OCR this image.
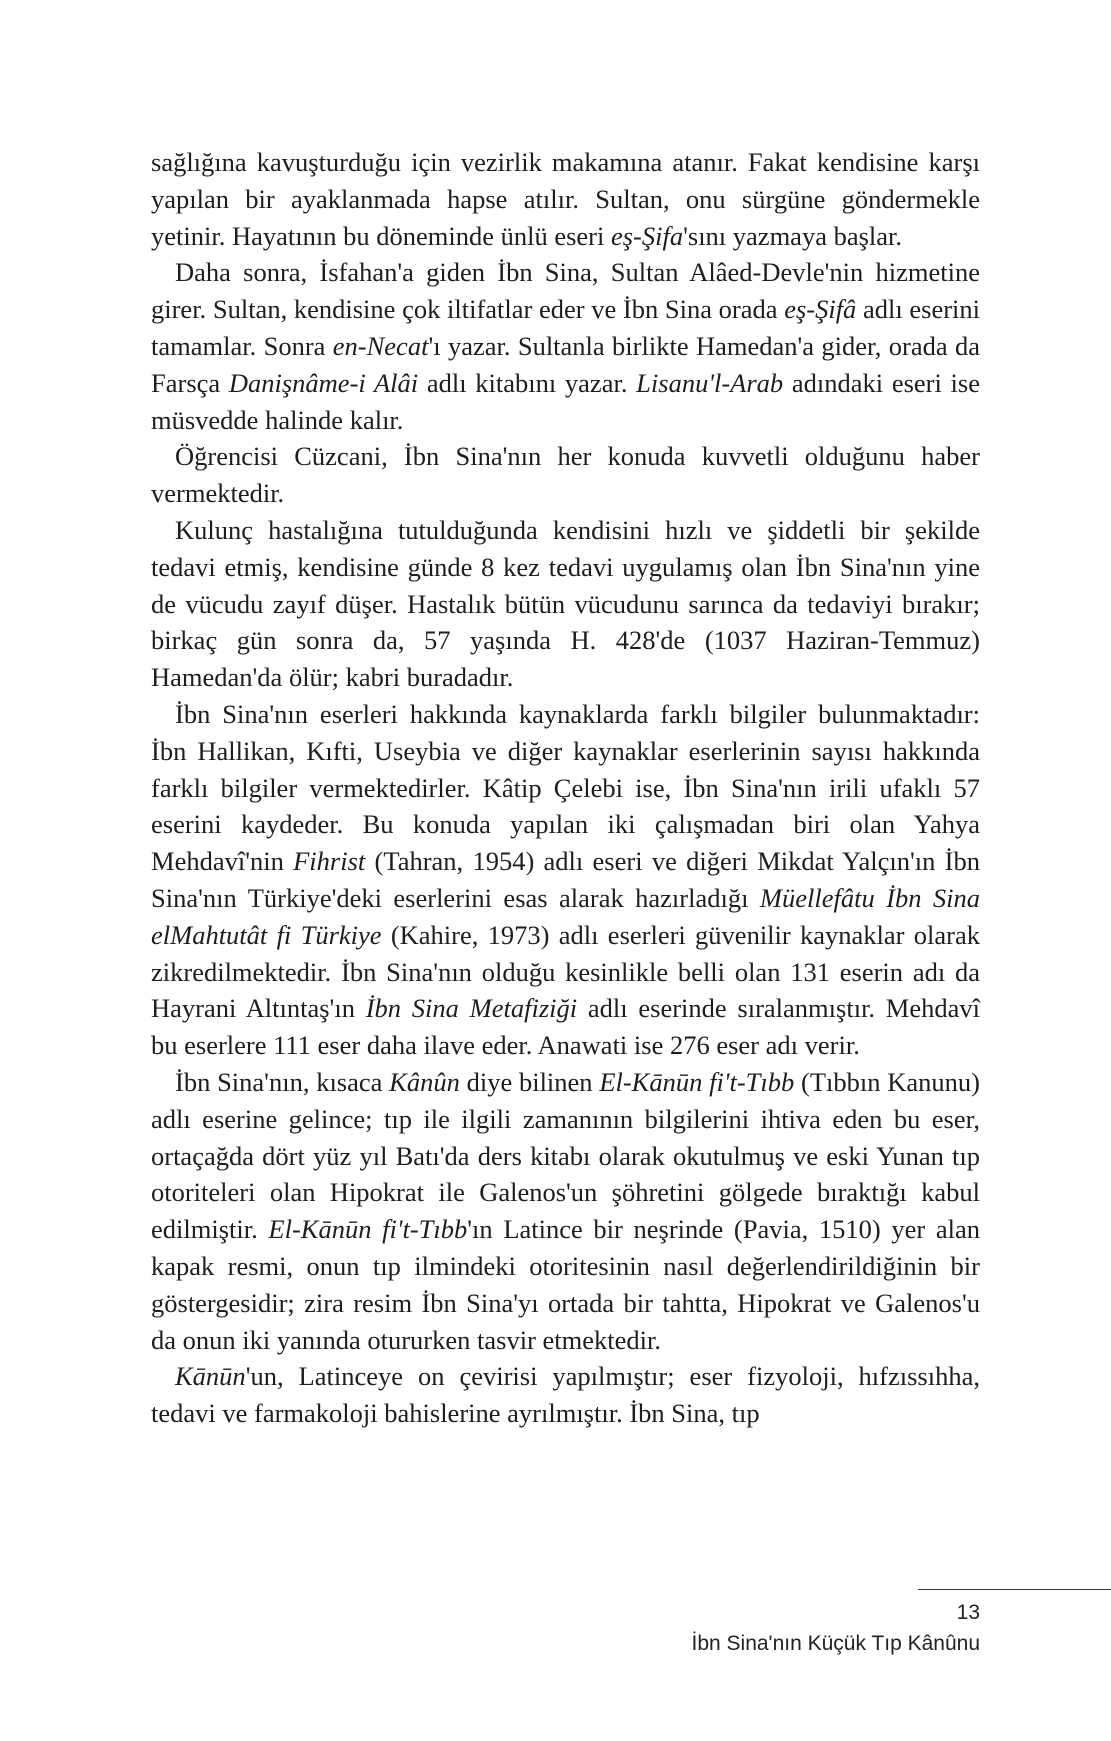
sağlığına kavuşturduğu için vezirlik makamına atanır. Fakat kendisine karşı yapılan bir ayaklanmada hapse atılır. Sultan, onu sürgüne göndermekle yetinir. Hayatının bu döneminde ünlü eseri eş-Şifa'sını yazmaya başlar.

Daha sonra, İsfahan'a giden İbn Sina, Sultan Alâed-Devle'nin hizmetine girer. Sultan, kendisine çok iltifatlar eder ve İbn Sina orada eş-Şifâ adlı eserini tamamlar. Sonra en-Necat'ı yazar. Sultanla birlikte Hamedan'a gider, orada da Farsça Danişnâme-i Alâi adlı kitabını yazar. Lisanu'l-Arab adındaki eseri ise müsvedde halinde kalır.

Öğrencisi Cüzcani, İbn Sina'nın her konuda kuvvetli olduğunu haber vermektedir.

Kulunç hastalığına tutulduğunda kendisini hızlı ve şiddetli bir şekilde tedavi etmiş, kendisine günde 8 kez tedavi uygulamış olan İbn Sina'nın yine de vücudu zayıf düşer. Hastalık bütün vücudunu sarınca da tedaviyi bırakır; birkaç gün sonra da, 57 yaşında H. 428'de (1037 Haziran-Temmuz) Hamedan'da ölür; kabri buradadır.

İbn Sina'nın eserleri hakkında kaynaklarda farklı bilgiler bulunmaktadır: İbn Hallikan, Kıfti, Useybia ve diğer kaynaklar eserlerinin sayısı hakkında farklı bilgiler vermektedirler. Kâtip Çelebi ise, İbn Sina'nın irili ufaklı 57 eserini kaydeder. Bu konuda yapılan iki çalışmadan biri olan Yahya Mehdavî'nin Fihrist (Tahran, 1954) adlı eseri ve diğeri Mikdat Yalçın'ın İbn Sina'nın Türkiye'deki eserlerini esas alarak hazırladığı Müellefâtu İbn Sina elMahtutât fi Türkiye (Kahire, 1973) adlı eserleri güvenilir kaynaklar olarak zikredilmektedir. İbn Sina'nın olduğu kesinlikle belli olan 131 eserin adı da Hayrani Altıntaş'ın İbn Sina Metafiziği adlı eserinde sıralanmıştır. Mehdavî bu eserlere 111 eser daha ilave eder. Anawati ise 276 eser adı verir.

İbn Sina'nın, kısaca Kânûn diye bilinen El-Kānūn fi't-Tıbb (Tıbbın Kanunu) adlı eserine gelince; tıp ile ilgili zamanının bilgilerini ihtiva eden bu eser, ortaçağda dört yüz yıl Batı'da ders kitabı olarak okutulmuş ve eski Yunan tıp otoriteleri olan Hipokrat ile Galenos'un şöhretini gölgede bıraktığı kabul edilmiştir. El-Kānūn fi't-Tıbb'ın Latince bir neşrinde (Pavia, 1510) yer alan kapak resmi, onun tıp ilmindeki otoritesinin nasıl değerlendirildiğinin bir göstergesidir; zira resim İbn Sina'yı ortada bir tahtta, Hipokrat ve Galenos'u da onun iki yanında otururken tasvir etmektedir.

Kānūn'un, Latinceye on çevirisi yapılmıştır; eser fizyoloji, hıfzıssıhha, tedavi ve farmakoloji bahislerine ayrılmıştır. İbn Sina, tıp

13
İbn Sina'nın Küçük Tıp Kânûnu
